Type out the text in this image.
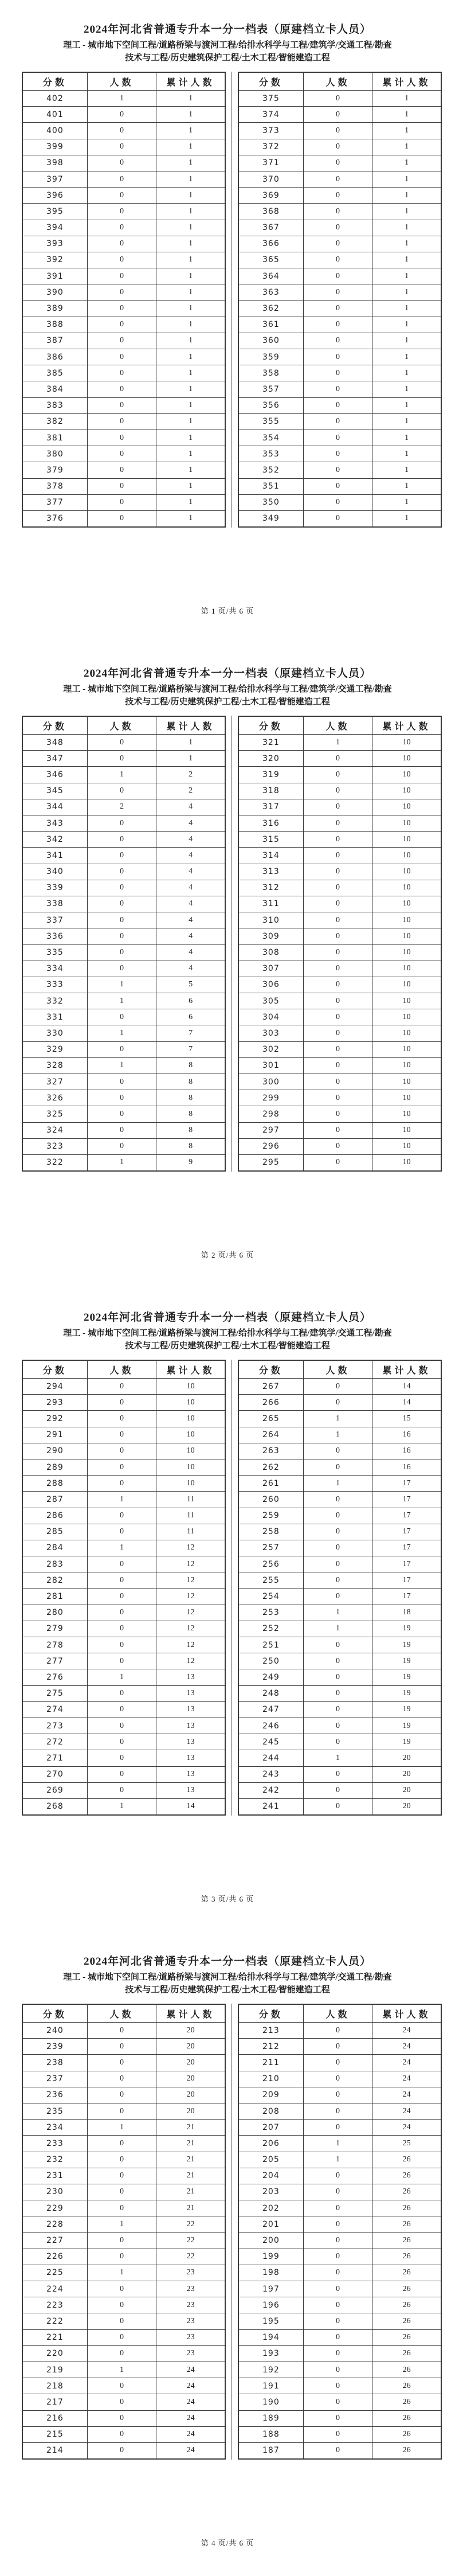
2024年河北省普通专升本一分一档表（原建档立卡人员）
理工 - 城市地下空间工程/道路桥梁与渡河工程/给排水科学与工程/建筑学/交通工程/勘查
技术与工程/历史建筑保护工程/土木工程/智能建造工程
分数	人数	累计人数
402	1	1
401	0	1
400	0	1
399	0	1
398	0	1
397	0	1
396	0	1
395	0	1
394	0	1
393	0	1
392	0	1
391	0	1
390	0	1
389	0	1
388	0	1
387	0	1
386	0	1
385	0	1
384	0	1
383	0	1
382	0	1
381	0	1
380	0	1
379	0	1
378	0	1
377	0	1
376	0	1
分数	人数	累计人数
375	0	1
374	0	1
373	0	1
372	0	1
371	0	1
370	0	1
369	0	1
368	0	1
367	0	1
366	0	1
365	0	1
364	0	1
363	0	1
362	0	1
361	0	1
360	0	1
359	0	1
358	0	1
357	0	1
356	0	1
355	0	1
354	0	1
353	0	1
352	0	1
351	0	1
350	0	1
349	0	1
第 1 页/共 6 页
2024年河北省普通专升本一分一档表（原建档立卡人员）
理工 - 城市地下空间工程/道路桥梁与渡河工程/给排水科学与工程/建筑学/交通工程/勘查
技术与工程/历史建筑保护工程/土木工程/智能建造工程
分数	人数	累计人数
348	0	1
347	0	1
346	1	2
345	0	2
344	2	4
343	0	4
342	0	4
341	0	4
340	0	4
339	0	4
338	0	4
337	0	4
336	0	4
335	0	4
334	0	4
333	1	5
332	1	6
331	0	6
330	1	7
329	0	7
328	1	8
327	0	8
326	0	8
325	0	8
324	0	8
323	0	8
322	1	9
分数	人数	累计人数
321	1	10
320	0	10
319	0	10
318	0	10
317	0	10
316	0	10
315	0	10
314	0	10
313	0	10
312	0	10
311	0	10
310	0	10
309	0	10
308	0	10
307	0	10
306	0	10
305	0	10
304	0	10
303	0	10
302	0	10
301	0	10
300	0	10
299	0	10
298	0	10
297	0	10
296	0	10
295	0	10
第 2 页/共 6 页
2024年河北省普通专升本一分一档表（原建档立卡人员）
理工 - 城市地下空间工程/道路桥梁与渡河工程/给排水科学与工程/建筑学/交通工程/勘查
技术与工程/历史建筑保护工程/土木工程/智能建造工程
分数	人数	累计人数
294	0	10
293	0	10
292	0	10
291	0	10
290	0	10
289	0	10
288	0	10
287	1	11
286	0	11
285	0	11
284	1	12
283	0	12
282	0	12
281	0	12
280	0	12
279	0	12
278	0	12
277	0	12
276	1	13
275	0	13
274	0	13
273	0	13
272	0	13
271	0	13
270	0	13
269	0	13
268	1	14
分数	人数	累计人数
267	0	14
266	0	14
265	1	15
264	1	16
263	0	16
262	0	16
261	1	17
260	0	17
259	0	17
258	0	17
257	0	17
256	0	17
255	0	17
254	0	17
253	1	18
252	1	19
251	0	19
250	0	19
249	0	19
248	0	19
247	0	19
246	0	19
245	0	19
244	1	20
243	0	20
242	0	20
241	0	20
第 3 页/共 6 页
2024年河北省普通专升本一分一档表（原建档立卡人员）
理工 - 城市地下空间工程/道路桥梁与渡河工程/给排水科学与工程/建筑学/交通工程/勘查
技术与工程/历史建筑保护工程/土木工程/智能建造工程
分数	人数	累计人数
240	0	20
239	0	20
238	0	20
237	0	20
236	0	20
235	0	20
234	1	21
233	0	21
232	0	21
231	0	21
230	0	21
229	0	21
228	1	22
227	0	22
226	0	22
225	1	23
224	0	23
223	0	23
222	0	23
221	0	23
220	0	23
219	1	24
218	0	24
217	0	24
216	0	24
215	0	24
214	0	24
分数	人数	累计人数
213	0	24
212	0	24
211	0	24
210	0	24
209	0	24
208	0	24
207	0	24
206	1	25
205	1	26
204	0	26
203	0	26
202	0	26
201	0	26
200	0	26
199	0	26
198	0	26
197	0	26
196	0	26
195	0	26
194	0	26
193	0	26
192	0	26
191	0	26
190	0	26
189	0	26
188	0	26
187	0	26
第 4 页/共 6 页
